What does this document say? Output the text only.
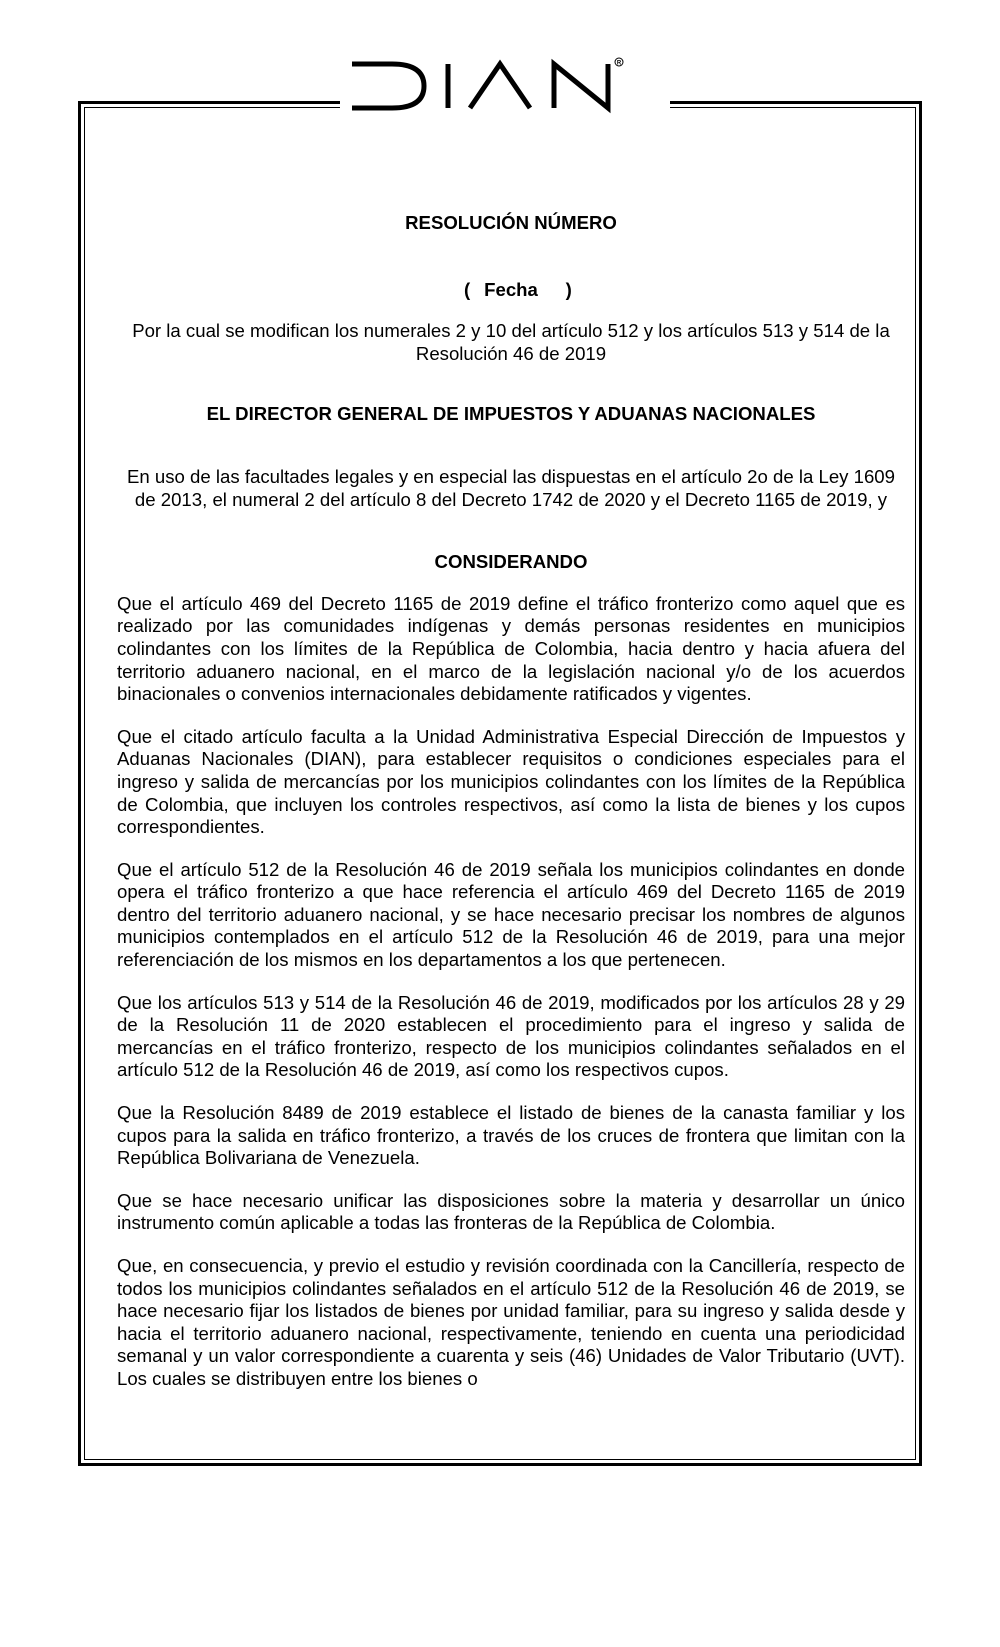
R

RESOLUCIÓN NÚMERO

( Fecha )

Por la cual se modifican los numerales 2 y 10 del artículo 512 y los artículos 513 y 514 de la Resolución 46 de 2019

EL DIRECTOR GENERAL DE IMPUESTOS Y ADUANAS NACIONALES

En uso de las facultades legales y en especial las dispuestas en el artículo 2o de la Ley 1609 de 2013, el numeral 2 del artículo 8 del Decreto 1742 de 2020 y el Decreto 1165 de 2019, y

CONSIDERANDO

Que el artículo 469 del Decreto 1165 de 2019 define el tráfico fronterizo como aquel que es realizado por las comunidades indígenas y demás personas residentes en municipios colindantes con los límites de la República de Colombia, hacia dentro y hacia afuera del territorio aduanero nacional, en el marco de la legislación nacional y/o de los acuerdos binacionales o convenios internacionales debidamente ratificados y vigentes.

Que el citado artículo faculta a la Unidad Administrativa Especial Dirección de Impuestos y Aduanas Nacionales (DIAN), para establecer requisitos o condiciones especiales para el ingreso y salida de mercancías por los municipios colindantes con los límites de la República de Colombia, que incluyen los controles respectivos, así como la lista de bienes y los cupos correspondientes.

Que el artículo 512 de la Resolución 46 de 2019 señala los municipios colindantes en donde opera el tráfico fronterizo a que hace referencia el artículo 469 del Decreto 1165 de 2019 dentro del territorio aduanero nacional, y se hace necesario precisar los nombres de algunos municipios contemplados en el artículo 512 de la Resolución 46 de 2019, para una mejor referenciación de los mismos en los departamentos a los que pertenecen.

Que los artículos 513 y 514 de la Resolución 46 de 2019, modificados por los artículos 28 y 29 de la Resolución 11 de 2020 establecen el procedimiento para el ingreso y salida de mercancías en el tráfico fronterizo, respecto de los municipios colindantes señalados en el artículo 512 de la Resolución 46 de 2019, así como los respectivos cupos.

Que la Resolución 8489 de 2019 establece el listado de bienes de la canasta familiar y los cupos para la salida en tráfico fronterizo, a través de los cruces de frontera que limitan con la República Bolivariana de Venezuela.

Que se hace necesario unificar las disposiciones sobre la materia y desarrollar un único instrumento común aplicable a todas las fronteras de la República de Colombia.

Que, en consecuencia, y previo el estudio y revisión coordinada con la Cancillería, respecto de todos los municipios colindantes señalados en el artículo 512 de la Resolución 46 de 2019, se hace necesario fijar los listados de bienes por unidad familiar, para su ingreso y salida desde y hacia el territorio aduanero nacional, respectivamente, teniendo en cuenta una periodicidad semanal y un valor correspondiente a cuarenta y seis (46) Unidades de Valor Tributario (UVT). Los cuales se distribuyen entre los bienes o
